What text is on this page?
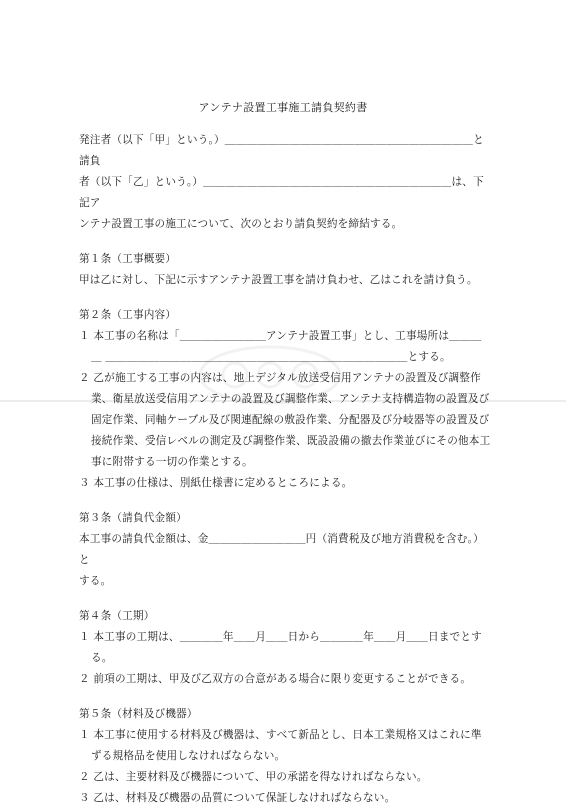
アンテナ設置工事施工請負契約書

発注者（以下「甲」という。）＿＿＿＿＿＿＿＿＿＿＿＿＿＿＿＿＿＿＿＿＿＿＿と請負

者（以下「乙」という。）＿＿＿＿＿＿＿＿＿＿＿＿＿＿＿＿＿＿＿＿＿＿＿は、下記ア

ンテナ設置工事の施工について、次のとおり請負契約を締結する。

第１条（工事概要）

甲は乙に対し、下記に示すアンテナ設置工事を請け負わせ、乙はこれを請け負う。

第２条（工事内容）

１ 本工事の名称は「＿＿＿＿＿＿＿＿アンテナ設置工事」とし、工事場所は＿＿＿＿ ＿＿＿＿＿＿＿＿＿＿＿＿＿＿＿＿＿＿＿＿＿＿＿＿＿＿＿＿とする。

２ 乙が施工する工事の内容は、地上デジタル放送受信用アンテナの設置及び調整作業、衛星放送受信用アンテナの設置及び調整作業、アンテナ支持構造物の設置及び固定作業、同軸ケーブル及び関連配線の敷設作業、分配器及び分岐器等の設置及び接続作業、受信レベルの測定及び調整作業、既設設備の撤去作業並びにその他本工事に附帯する一切の作業とする。

３ 本工事の仕様は、別紙仕様書に定めるところによる。

第３条（請負代金額）

本工事の請負代金額は、金＿＿＿＿＿＿＿＿＿円（消費税及び地方消費税を含む。）と

する。

第４条（工期）

１ 本工事の工期は、＿＿＿＿年＿＿月＿＿日から＿＿＿＿年＿＿月＿＿日までとする。

２ 前項の工期は、甲及び乙双方の合意がある場合に限り変更することができる。

第５条（材料及び機器）

１ 本工事に使用する材料及び機器は、すべて新品とし、日本工業規格又はこれに準ずる規格品を使用しなければならない。

２ 乙は、主要材料及び機器について、甲の承諾を得なければならない。

３ 乙は、材料及び機器の品質について保証しなければならない。
